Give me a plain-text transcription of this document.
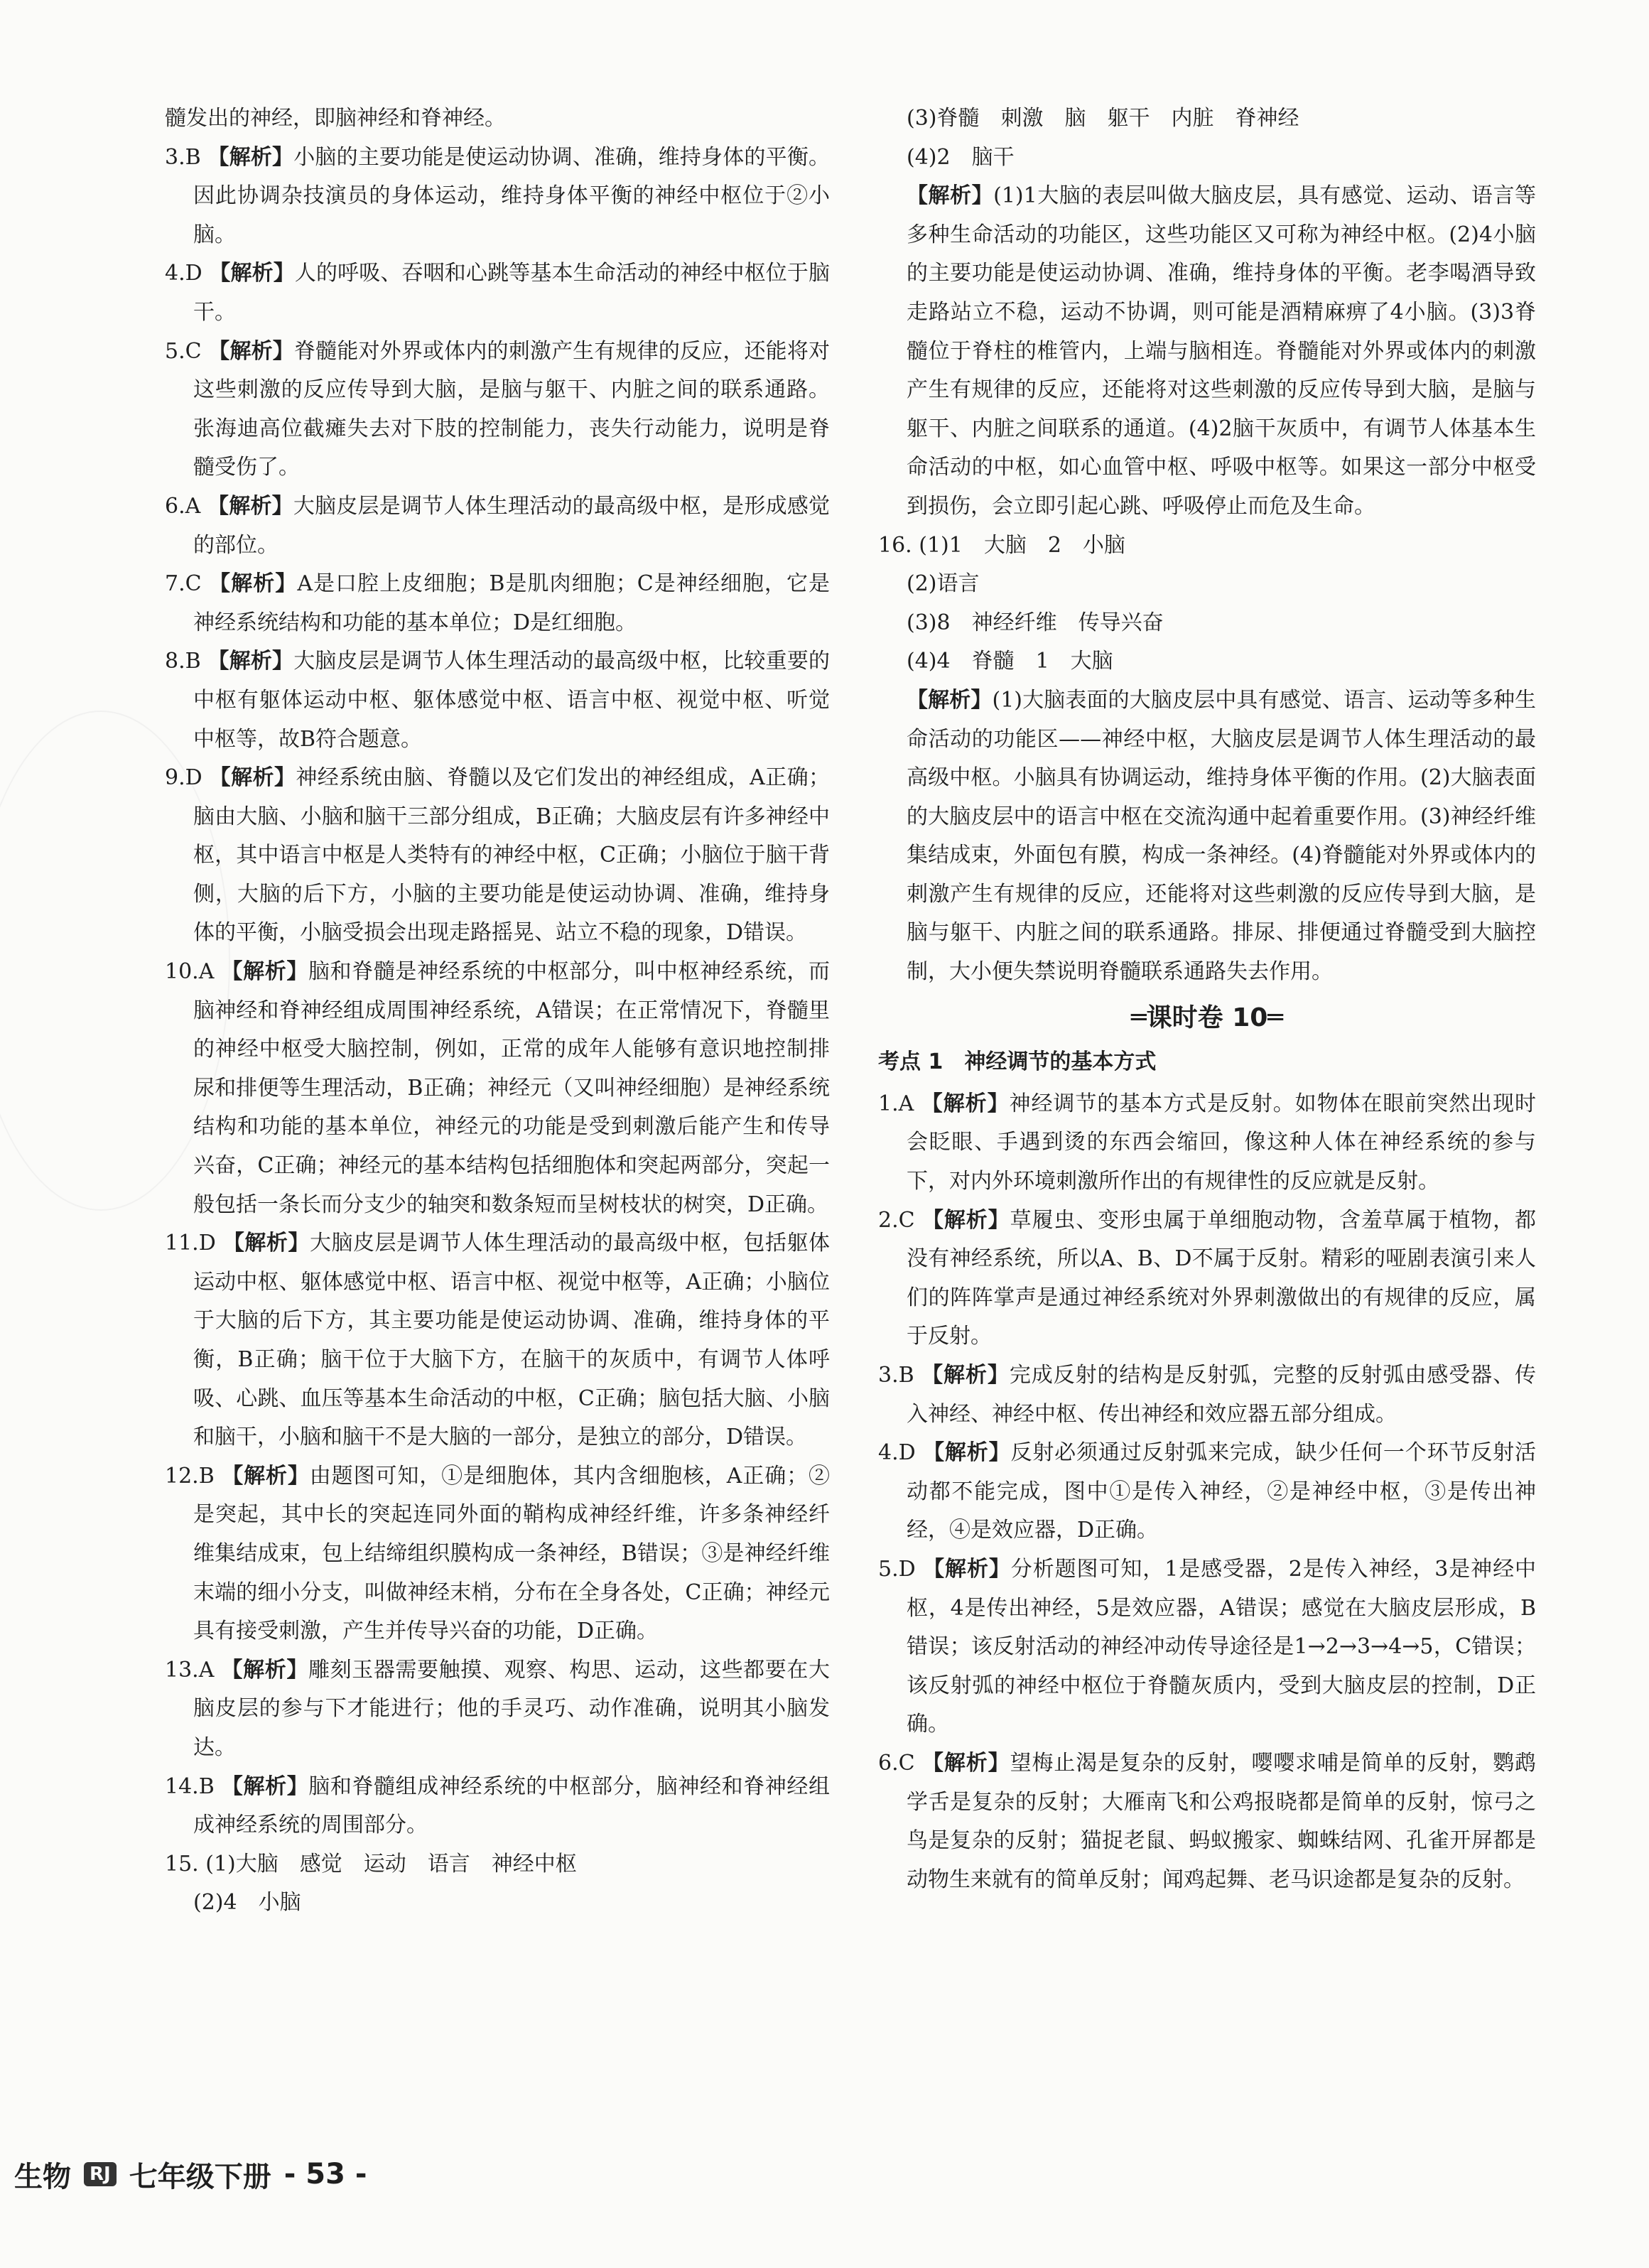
髓发出的神经，即脑神经和脊神经。

3.B 【解析】小脑的主要功能是使运动协调、准确，维持身体的平衡。因此协调杂技演员的身体运动，维持身体平衡的神经中枢位于②小脑。

4.D 【解析】人的呼吸、吞咽和心跳等基本生命活动的神经中枢位于脑干。

5.C 【解析】脊髓能对外界或体内的刺激产生有规律的反应，还能将对这些刺激的反应传导到大脑，是脑与躯干、内脏之间的联系通路。张海迪高位截瘫失去对下肢的控制能力，丧失行动能力，说明是脊髓受伤了。

6.A 【解析】大脑皮层是调节人体生理活动的最高级中枢，是形成感觉的部位。

7.C 【解析】A是口腔上皮细胞；B是肌肉细胞；C是神经细胞，它是神经系统结构和功能的基本单位；D是红细胞。

8.B 【解析】大脑皮层是调节人体生理活动的最高级中枢，比较重要的中枢有躯体运动中枢、躯体感觉中枢、语言中枢、视觉中枢、听觉中枢等，故B符合题意。

9.D 【解析】神经系统由脑、脊髓以及它们发出的神经组成，A正确；脑由大脑、小脑和脑干三部分组成，B正确；大脑皮层有许多神经中枢，其中语言中枢是人类特有的神经中枢，C正确；小脑位于脑干背侧，大脑的后下方，小脑的主要功能是使运动协调、准确，维持身体的平衡，小脑受损会出现走路摇晃、站立不稳的现象，D错误。

10.A 【解析】脑和脊髓是神经系统的中枢部分，叫中枢神经系统，而脑神经和脊神经组成周围神经系统，A错误；在正常情况下，脊髓里的神经中枢受大脑控制，例如，正常的成年人能够有意识地控制排尿和排便等生理活动，B正确；神经元（又叫神经细胞）是神经系统结构和功能的基本单位，神经元的功能是受到刺激后能产生和传导兴奋，C正确；神经元的基本结构包括细胞体和突起两部分，突起一般包括一条长而分支少的轴突和数条短而呈树枝状的树突，D正确。

11.D 【解析】大脑皮层是调节人体生理活动的最高级中枢，包括躯体运动中枢、躯体感觉中枢、语言中枢、视觉中枢等，A正确；小脑位于大脑的后下方，其主要功能是使运动协调、准确，维持身体的平衡，B正确；脑干位于大脑下方，在脑干的灰质中，有调节人体呼吸、心跳、血压等基本生命活动的中枢，C正确；脑包括大脑、小脑和脑干，小脑和脑干不是大脑的一部分，是独立的部分，D错误。

12.B 【解析】由题图可知，①是细胞体，其内含细胞核，A正确；②是突起，其中长的突起连同外面的鞘构成神经纤维，许多条神经纤维集结成束，包上结缔组织膜构成一条神经，B错误；③是神经纤维末端的细小分支，叫做神经末梢，分布在全身各处，C正确；神经元具有接受刺激，产生并传导兴奋的功能，D正确。

13.A 【解析】雕刻玉器需要触摸、观察、构思、运动，这些都要在大脑皮层的参与下才能进行；他的手灵巧、动作准确，说明其小脑发达。

14.B 【解析】脑和脊髓组成神经系统的中枢部分，脑神经和脊神经组成神经系统的周围部分。

15. (1)大脑　感觉　运动　语言　神经中枢

(2)4　小脑

(3)脊髓　刺激　脑　躯干　内脏　脊神经

(4)2　脑干

【解析】(1)1大脑的表层叫做大脑皮层，具有感觉、运动、语言等多种生命活动的功能区，这些功能区又可称为神经中枢。(2)4小脑的主要功能是使运动协调、准确，维持身体的平衡。老李喝酒导致走路站立不稳，运动不协调，则可能是酒精麻痹了4小脑。(3)3脊髓位于脊柱的椎管内，上端与脑相连。脊髓能对外界或体内的刺激产生有规律的反应，还能将对这些刺激的反应传导到大脑，是脑与躯干、内脏之间联系的通道。(4)2脑干灰质中，有调节人体基本生命活动的中枢，如心血管中枢、呼吸中枢等。如果这一部分中枢受到损伤，会立即引起心跳、呼吸停止而危及生命。

16. (1)1　大脑　2　小脑

(2)语言

(3)8　神经纤维　传导兴奋

(4)4　脊髓　1　大脑

【解析】(1)大脑表面的大脑皮层中具有感觉、语言、运动等多种生命活动的功能区——神经中枢，大脑皮层是调节人体生理活动的最高级中枢。小脑具有协调运动，维持身体平衡的作用。(2)大脑表面的大脑皮层中的语言中枢在交流沟通中起着重要作用。(3)神经纤维集结成束，外面包有膜，构成一条神经。(4)脊髓能对外界或体内的刺激产生有规律的反应，还能将对这些刺激的反应传导到大脑，是脑与躯干、内脏之间的联系通路。排尿、排便通过脊髓受到大脑控制，大小便失禁说明脊髓联系通路失去作用。

═课时卷 10═
考点 1　神经调节的基本方式

1.A 【解析】神经调节的基本方式是反射。如物体在眼前突然出现时会眨眼、手遇到烫的东西会缩回，像这种人体在神经系统的参与下，对内外环境刺激所作出的有规律性的反应就是反射。

2.C 【解析】草履虫、变形虫属于单细胞动物，含羞草属于植物，都没有神经系统，所以A、B、D不属于反射。精彩的哑剧表演引来人们的阵阵掌声是通过神经系统对外界刺激做出的有规律的反应，属于反射。

3.B 【解析】完成反射的结构是反射弧，完整的反射弧由感受器、传入神经、神经中枢、传出神经和效应器五部分组成。

4.D 【解析】反射必须通过反射弧来完成，缺少任何一个环节反射活动都不能完成，图中①是传入神经，②是神经中枢，③是传出神经，④是效应器，D正确。

5.D 【解析】分析题图可知，1是感受器，2是传入神经，3是神经中枢，4是传出神经，5是效应器，A错误；感觉在大脑皮层形成，B错误；该反射活动的神经冲动传导途径是1→2→3→4→5，C错误；该反射弧的神经中枢位于脊髓灰质内，受到大脑皮层的控制，D正确。

6.C 【解析】望梅止渴是复杂的反射，嘤嘤求哺是简单的反射，鹦鹉学舌是复杂的反射；大雁南飞和公鸡报晓都是简单的反射，惊弓之鸟是复杂的反射；猫捉老鼠、蚂蚁搬家、蜘蛛结网、孔雀开屏都是动物生来就有的简单反射；闻鸡起舞、老马识途都是复杂的反射。

生物	RJ 七年级下册 - 53 -
